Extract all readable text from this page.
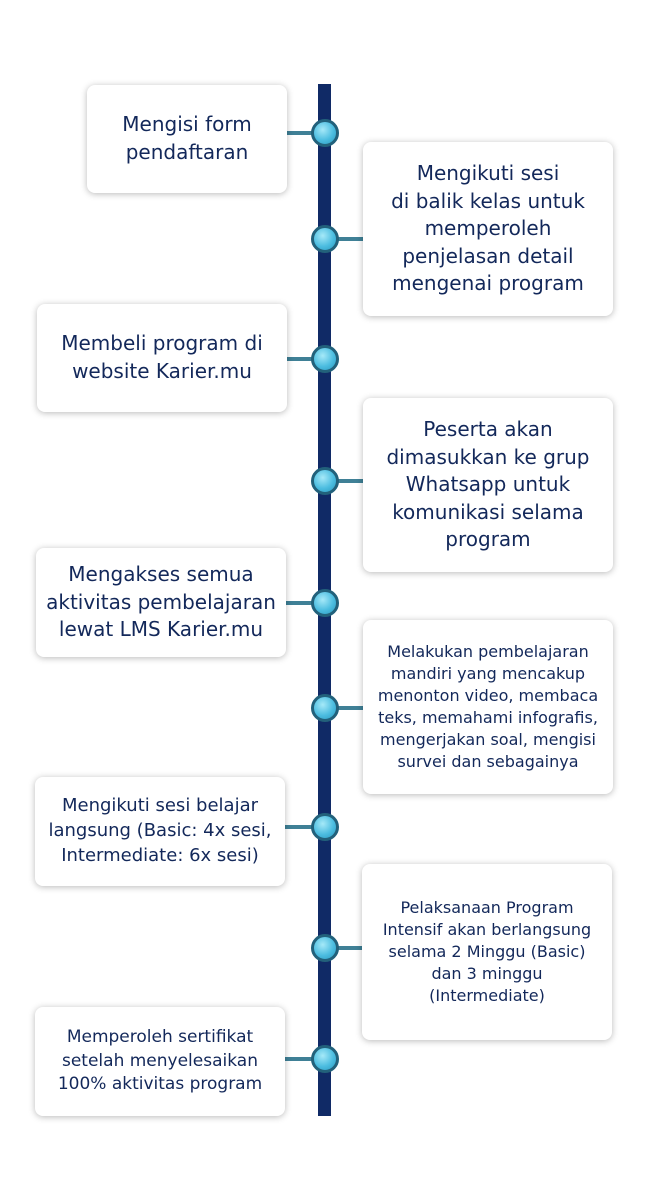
Mengisi form
pendaftaran
Mengikuti sesi
di balik kelas untuk
memperoleh
penjelasan detail
mengenai program
Membeli program di
website Karier.mu
Peserta akan
dimasukkan ke grup
Whatsapp untuk
komunikasi selama
program
Mengakses semua
aktivitas pembelajaran
lewat LMS Karier.mu
Melakukan pembelajaran
mandiri yang mencakup
menonton video, membaca
teks, memahami infografis,
mengerjakan soal, mengisi
survei dan sebagainya
Mengikuti sesi belajar
langsung (Basic: 4x sesi,
Intermediate: 6x sesi)
Pelaksanaan Program
Intensif akan berlangsung
selama 2 Minggu (Basic)
dan 3 minggu
(Intermediate)
Memperoleh sertifikat
setelah menyelesaikan
100% aktivitas program
